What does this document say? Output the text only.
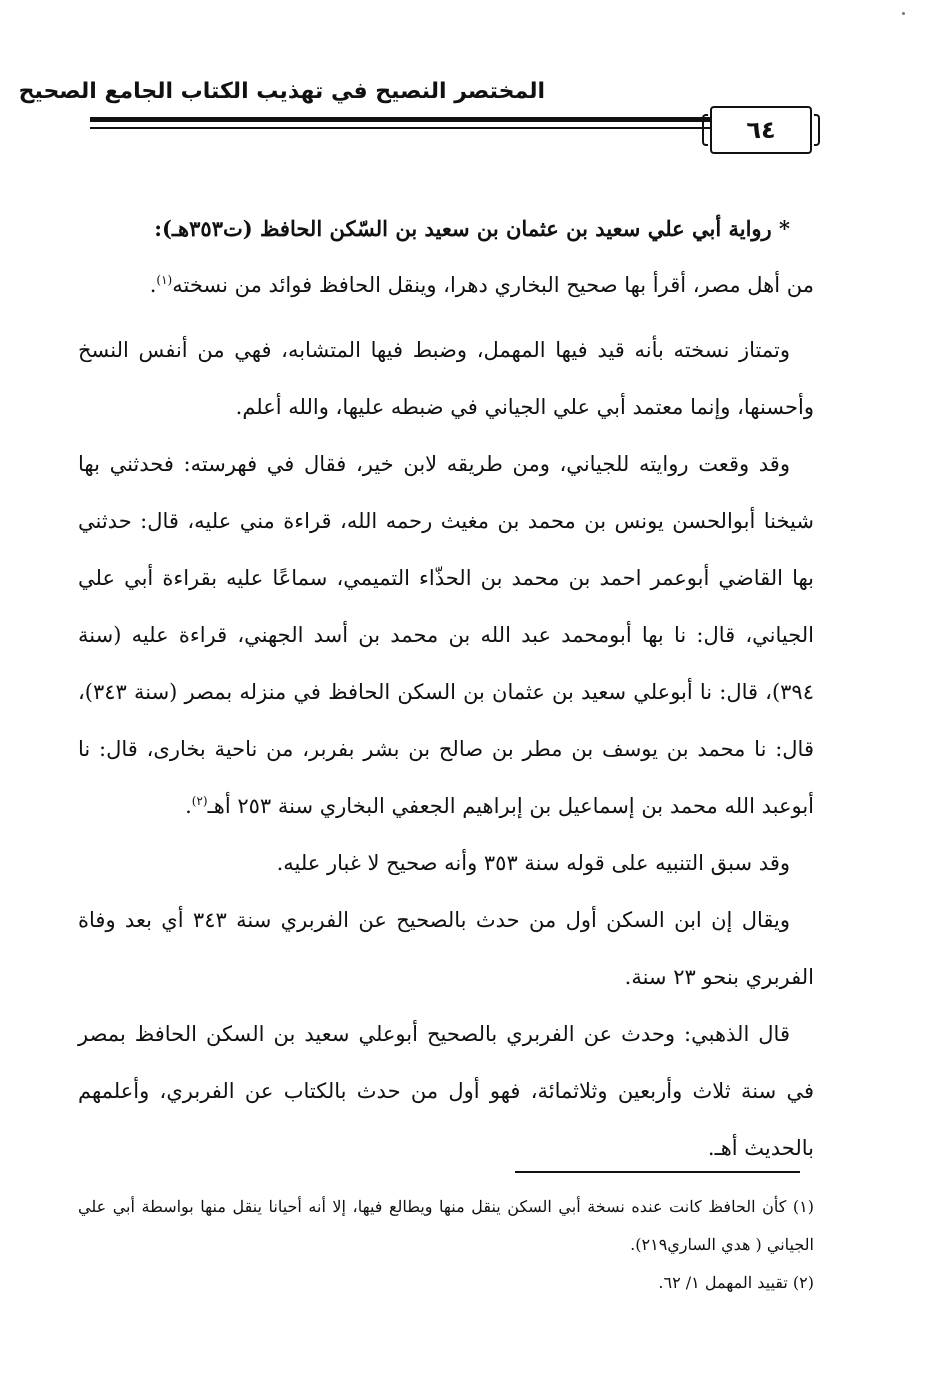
المختصر النصيح في تهذيب الكتاب الجامع الصحيح
٦٤

* رواية أبي علي سعيد بن عثمان بن سعيد بن السّكن الحافظ (ت٣٥٣هـ):

من أهل مصر، أقرأ بها صحيح البخاري دهرا، وينقل الحافظ فوائد من نسخته$^{(١)}$.

وتمتاز نسخته بأنه قيد فيها المهمل، وضبط فيها المتشابه، فهي من أنفس النسخ وأحسنها، وإنما معتمد أبي علي الجياني في ضبطه عليها، والله أعلم.

وقد وقعت روايته للجياني، ومن طريقه لابن خير، فقال في فهرسته: فحدثني بها شيخنا أبوالحسن يونس بن محمد بن مغيث رحمه الله، قراءة مني عليه، قال: حدثني بها القاضي أبوعمر احمد بن محمد بن الحذّاء التميمي، سماعًا عليه بقراءة أبي علي الجياني، قال: نا بها أبومحمد عبد الله بن محمد بن أسد الجهني، قراءة عليه (سنة ٣٩٤)، قال: نا أبوعلي سعيد بن عثمان بن السكن الحافظ في منزله بمصر (سنة ٣٤٣)، قال: نا محمد بن يوسف بن مطر بن صالح بن بشر بفربر، من ناحية بخارى، قال: نا أبوعبد الله محمد بن إسماعيل بن إبراهيم الجعفي البخاري سنة ٢٥٣ أهـ$^{(٢)}$.

وقد سبق التنبيه على قوله سنة ٣٥٣ وأنه صحيح لا غبار عليه.

ويقال إن ابن السكن أول من حدث بالصحيح عن الفربري سنة ٣٤٣ أي بعد وفاة الفربري بنحو ٢٣ سنة.

قال الذهبي: وحدث عن الفربري بالصحيح أبوعلي سعيد بن السكن الحافظ بمصر في سنة ثلاث وأربعين وثلاثمائة، فهو أول من حدث بالكتاب عن الفربري، وأعلمهم بالحديث أهـ.

(١) كأن الحافظ كانت عنده نسخة أبي السكن ينقل منها ويطالع فيها، إلا أنه أحيانا ينقل منها بواسطة أبي علي الجياني ( هدي الساري٢١٩).

(٢) تقييد المهمل ١/ ٦٢.
